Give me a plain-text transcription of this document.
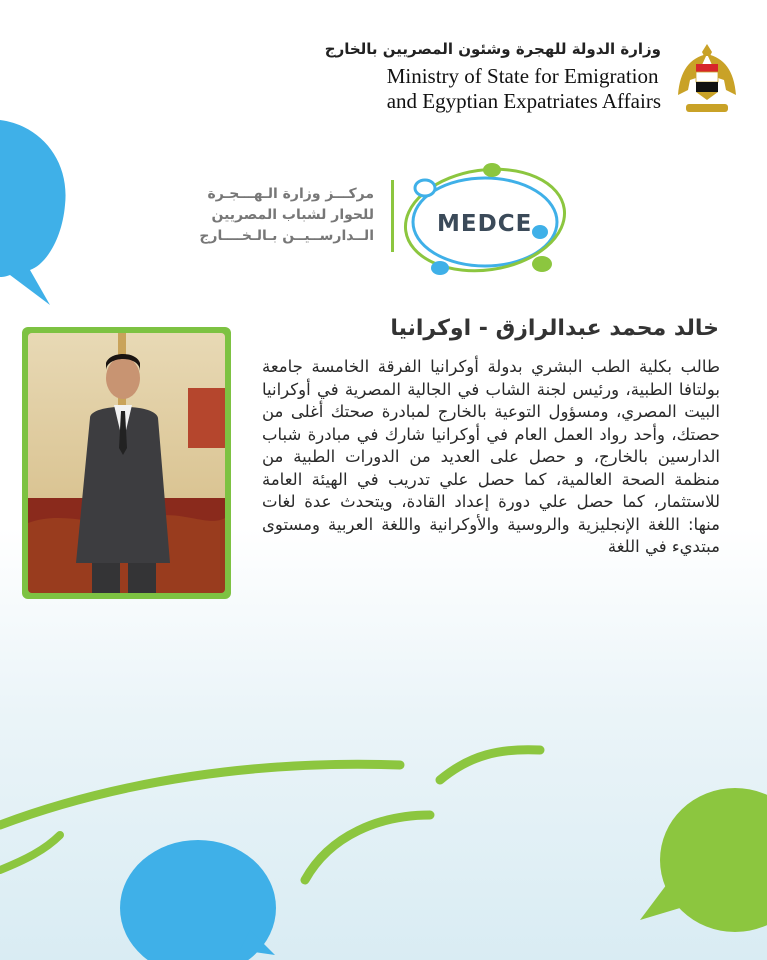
وزارة الدولة للهجرة وشئون المصريين بالخارج
Ministry of State for Emigration
and Egyptian Expatriates Affairs
مركـــز وزارة الـهـــجـرة
للحوار لشباب المصريين
الــدارســيــن بـالـخــــارج	MEDCE
خالد محمد عبدالرازق - اوكرانيا
طالب بكلية الطب البشري بدولة أوكرانيا الفرقة الخامسة جامعة بولتافا الطبية، ورئيس لجنة الشاب في الجالية المصرية في أوكرانيا البيت المصري، ومسؤول التوعية بالخارج لمبادرة صحتك أغلى من حصتك، وأحد رواد العمل العام في أوكرانيا شارك في مبادرة شباب الدارسين بالخارج، و حصل على العديد من الدورات الطبية من منظمة الصحة العالمية، كما حصل علي تدريب في الهيئة العامة للاستثمار، كما حصل علي دورة إعداد القادة، ويتحدث عدة لغات منها: اللغة الإنجليزية والروسية والأوكرانية واللغة العربية ومستوى مبتديء في اللغة
